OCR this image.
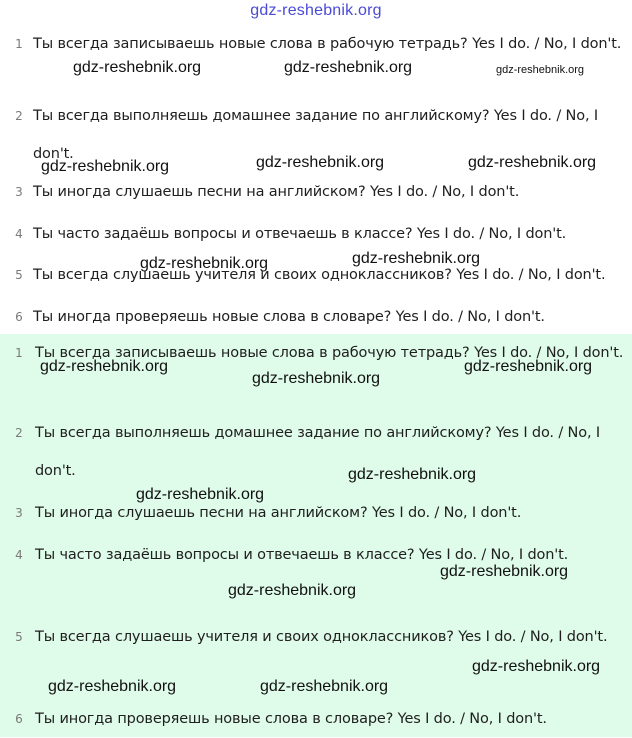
1 Ты всегда записываешь новые слова в рабочую тетрадь? Yes I do. / No, I don't.
2 Ты всегда выполняешь домашнее задание по английскому? Yes I do. / No, I don't.
3 Ты иногда слушаешь песни на английском? Yes I do. / No, I don't.
4 Ты часто задаёшь вопросы и отвечаешь в классе? Yes I do. / No, I don't.
5 Ты всегда слушаешь учителя и своих одноклассников? Yes I do. / No, I don't.
6 Ты иногда проверяешь новые слова в словаре? Yes I do. / No, I don't.
1 Ты всегда записываешь новые слова в рабочую тетрадь? Yes I do. / No, I don't.
2 Ты всегда выполняешь домашнее задание по английскому? Yes I do. / No, I don't.
3 Ты иногда слушаешь песни на английском? Yes I do. / No, I don't.
4 Ты часто задаёшь вопросы и отвечаешь в классе? Yes I do. / No, I don't.
5 Ты всегда слушаешь учителя и своих одноклассников? Yes I do. / No, I don't.
6 Ты иногда проверяешь новые слова в словаре? Yes I do. / No, I don't.
gdz-reshebnik.org
gdz-reshebnik.org	gdz-reshebnik.org	gdz-reshebnik.org
gdz-reshebnik.org	gdz-reshebnik.org	gdz-reshebnik.org
gdz-reshebnik.org	gdz-reshebnik.org
gdz-reshebnik.org
gdz-reshebnik.org
gdz-reshebnik.org
gdz-reshebnik.org
gdz-reshebnik.org
gdz-reshebnik.org
gdz-reshebnik.org
gdz-reshebnik.org
gdz-reshebnik.org	gdz-reshebnik.org
